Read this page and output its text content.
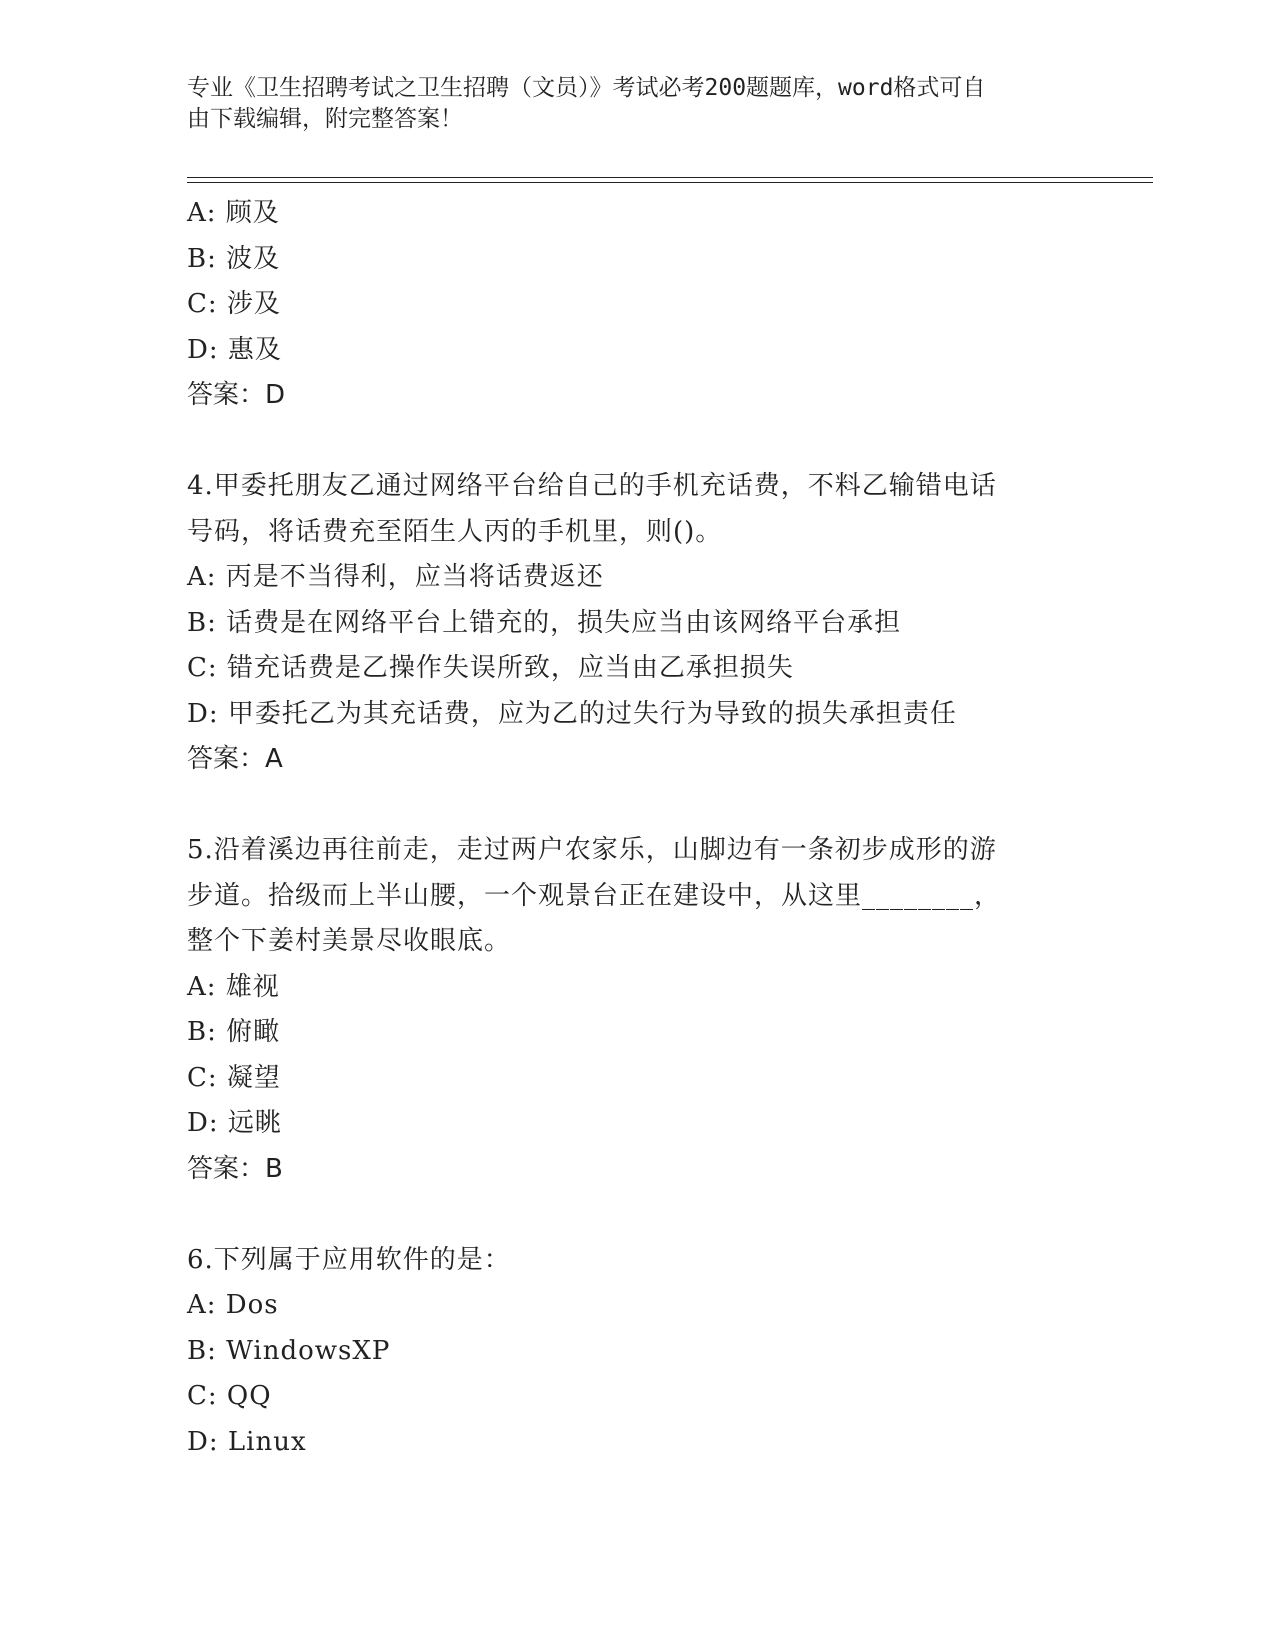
专业《卫生招聘考试之卫生招聘（文员）》考试必考200题题库，word格式可自
由下载编辑，附完整答案！
A: 顾及
B: 波及
C: 涉及
D: 惠及
答案：D
4.甲委托朋友乙通过网络平台给自己的手机充话费，不料乙输错电话
号码，将话费充至陌生人丙的手机里，则()。
A: 丙是不当得利，应当将话费返还
B: 话费是在网络平台上错充的，损失应当由该网络平台承担
C: 错充话费是乙操作失误所致，应当由乙承担损失
D: 甲委托乙为其充话费，应为乙的过失行为导致的损失承担责任
答案：A
5.沿着溪边再往前走，走过两户农家乐，山脚边有一条初步成形的游
步道。拾级而上半山腰，一个观景台正在建设中，从这里________，
整个下姜村美景尽收眼底。
A: 雄视
B: 俯瞰
C: 凝望
D: 远眺
答案：B
6.下列属于应用软件的是：
A: Dos
B: WindowsXP
C: QQ
D: Linux
